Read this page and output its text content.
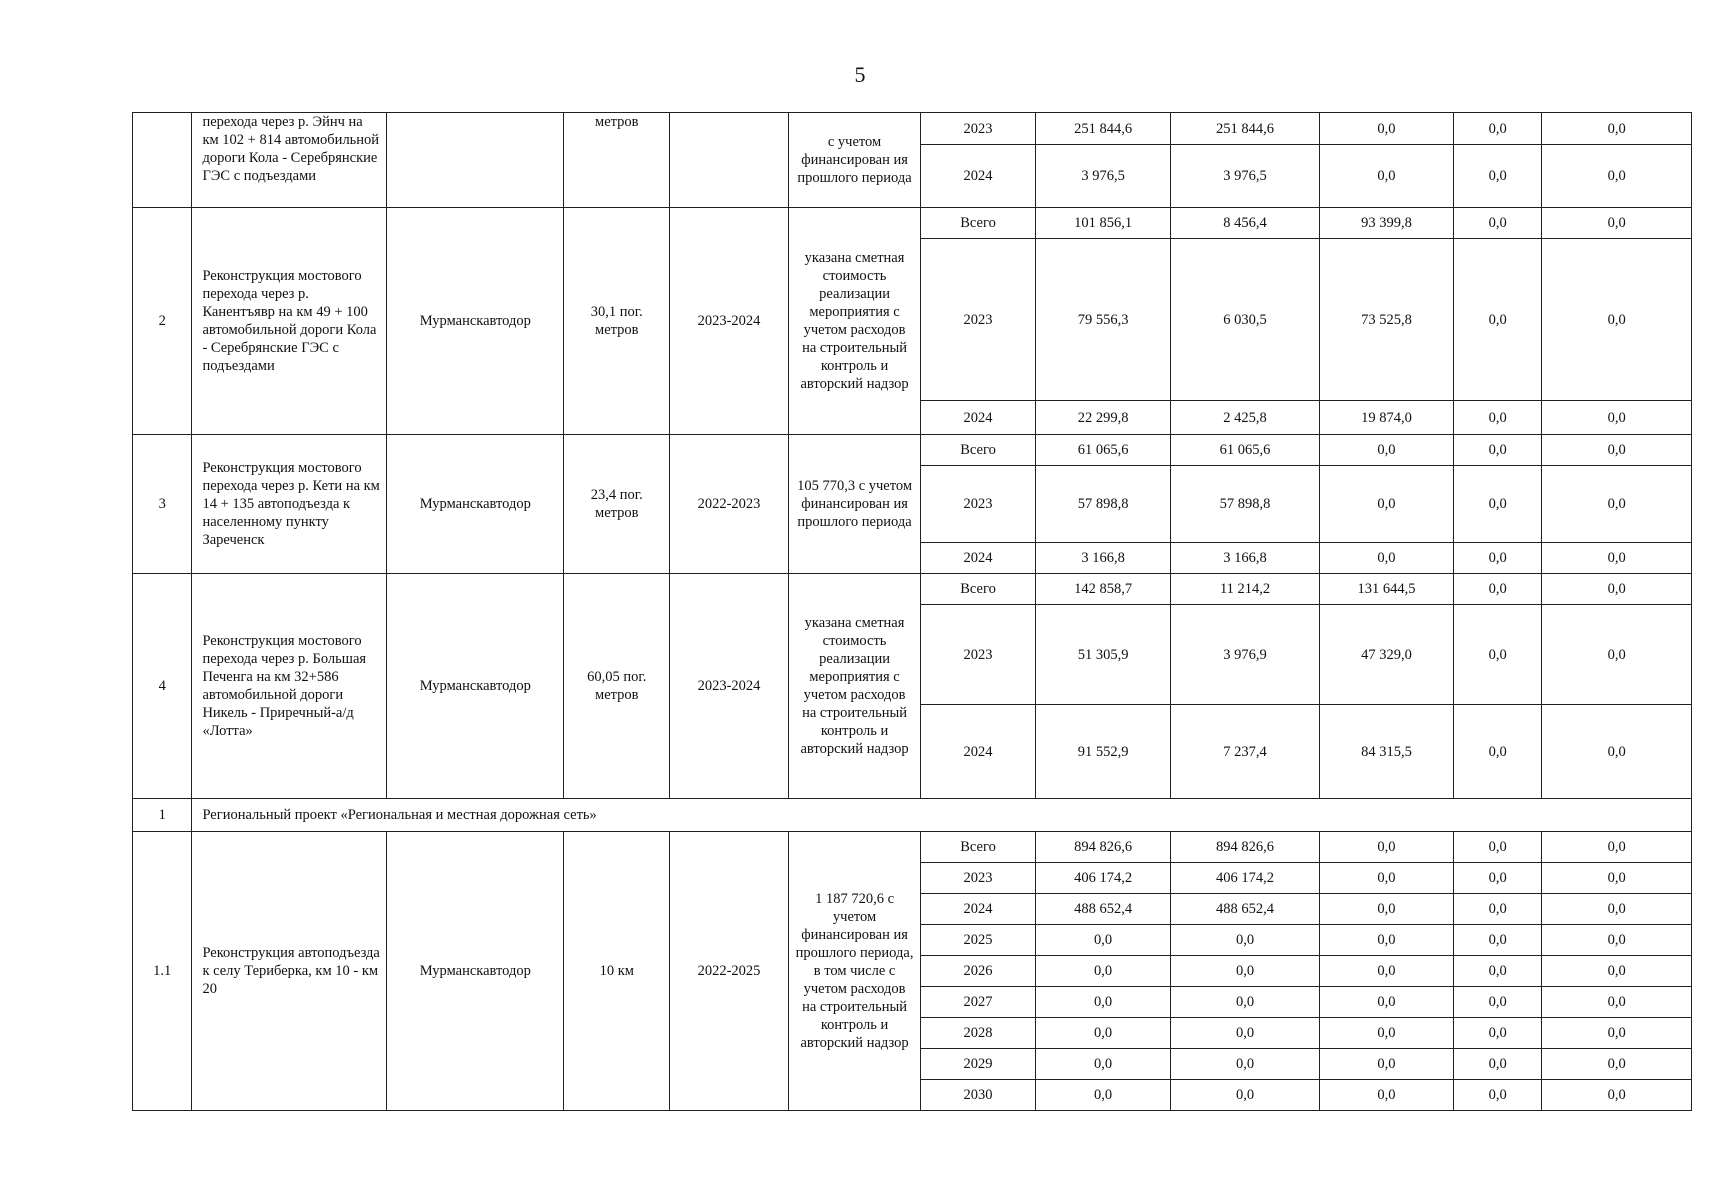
5
	перехода через р. Эйнч на км 102 + 814 автомобильной дороги Кола - Серебрянские ГЭС с подъездами		метров		с учетом финансирован ия прошлого периода	2023	251 844,6	251 844,6	0,0	0,0	0,0
						2024	3 976,5	3 976,5	0,0	0,0	0,0
2	Реконструкция мостового перехода через р. Канентъявр на км 49 + 100 автомобильной дороги Кола - Серебрянские ГЭС с подъездами	Мурманскавтодор	30,1 пог. метров	2023-2024	указана сметная стоимость реализации мероприятия с учетом расходов на строительный контроль и авторский надзор	Всего	101 856,1	8 456,4	93 399,8	0,0	0,0
						2023	79 556,3	6 030,5	73 525,8	0,0	0,0
						2024	22 299,8	2 425,8	19 874,0	0,0	0,0
3	Реконструкция мостового перехода через р. Кети на км 14 + 135 автоподъезда к населенному пункту Зареченск	Мурманскавтодор	23,4 пог. метров	2022-2023	105 770,3 с учетом финансирован ия прошлого периода	Всего	61 065,6	61 065,6	0,0	0,0	0,0
						2023	57 898,8	57 898,8	0,0	0,0	0,0
						2024	3 166,8	3 166,8	0,0	0,0	0,0
4	Реконструкция мостового перехода через р. Большая Печенга на км 32+586 автомобильной дороги Никель - Приречный-а/д «Лотта»	Мурманскавтодор	60,05 пог. метров	2023-2024	указана сметная стоимость реализации мероприятия с учетом расходов на строительный контроль и авторский надзор	Всего	142 858,7	11 214,2	131 644,5	0,0	0,0
						2023	51 305,9	3 976,9	47 329,0	0,0	0,0
						2024	91 552,9	7 237,4	84 315,5	0,0	0,0
1	Региональный проект «Региональная и местная дорожная сеть»										
1.1	Реконструкция автоподъезда к селу Териберка, км 10 - км 20	Мурманскавтодор	10 км	2022-2025	1 187 720,6 с учетом финансирован ия прошлого периода, в том числе с учетом расходов на строительный контроль и авторский надзор	Всего	894 826,6	894 826,6	0,0	0,0	0,0
						2023	406 174,2	406 174,2	0,0	0,0	0,0
						2024	488 652,4	488 652,4	0,0	0,0	0,0
						2025	0,0	0,0	0,0	0,0	0,0
						2026	0,0	0,0	0,0	0,0	0,0
						2027	0,0	0,0	0,0	0,0	0,0
						2028	0,0	0,0	0,0	0,0	0,0
						2029	0,0	0,0	0,0	0,0	0,0
						2030	0,0	0,0	0,0	0,0	0,0
